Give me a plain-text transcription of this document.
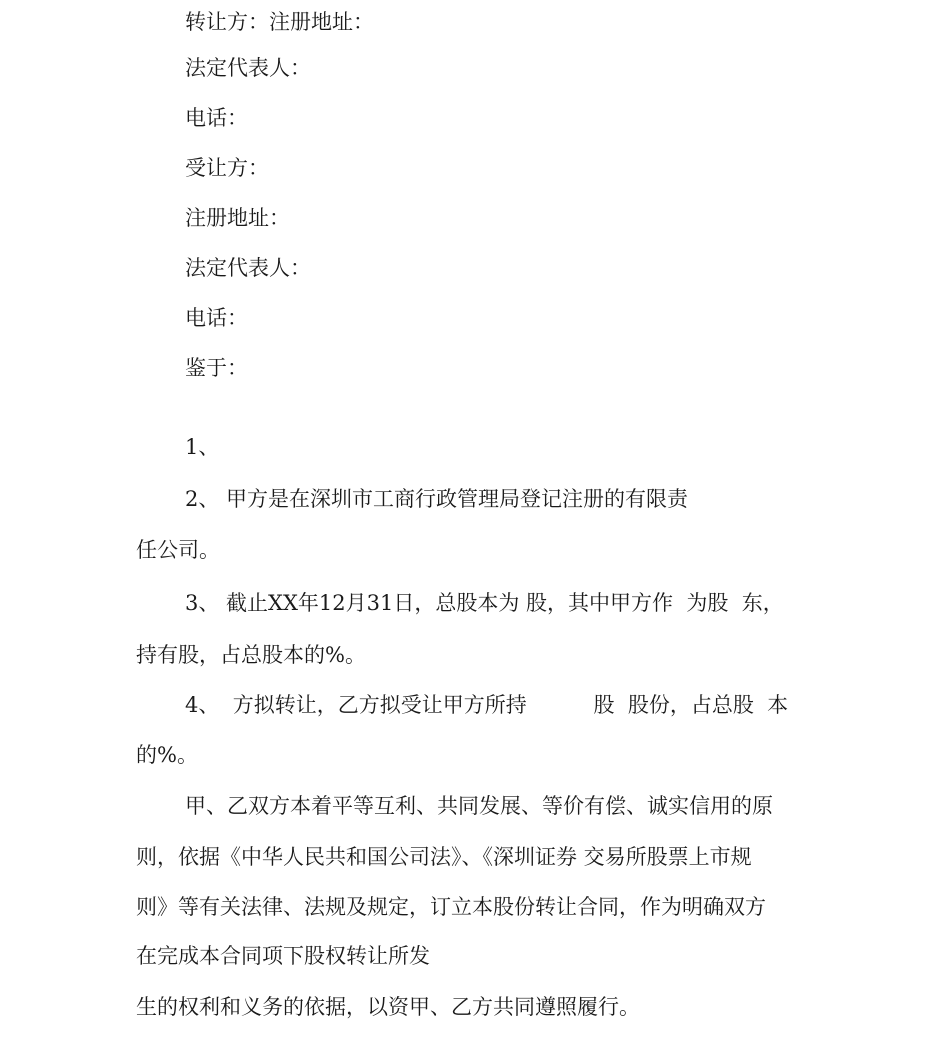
转让方：注册地址：

法定代表人：

电话：

受让方：

注册地址：

法定代表人：

电话：

鉴于：

1、

2、 甲方是在深圳市工商行政管理局登记注册的有限责

任公司。

3、 截止XX年12月31日，总股本为 股，其中甲方作  为股  东，

持有股，占总股本的%。

4、  方拟转让，乙方拟受让甲方所持          股  股份，占总股  本

的%。

甲、乙双方本着平等互利、共同发展、等价有偿、诚实信用的原

则，依据《中华人民共和国公司法》、《深圳证券 交易所股票上市规

则》等有关法律、法规及规定，订立本股份转让合同，作为明确双方

在完成本合同项下股权转让所发

生的权利和义务的依据，以资甲、乙方共同遵照履行。
